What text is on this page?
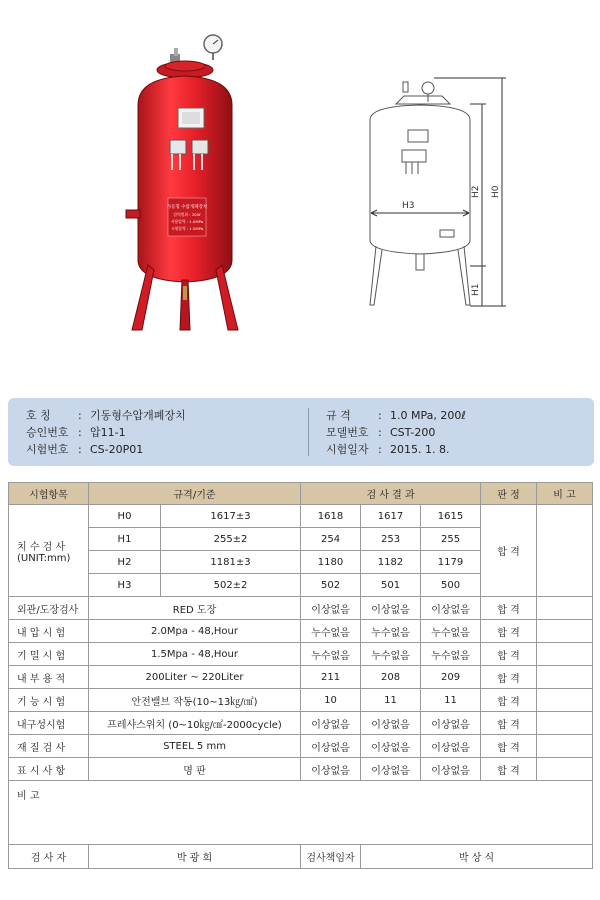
가동형 수압개폐장치
압력범위 : 200ℓ
사용압력 : 1.0MPa
시험압력 : 1.5MPa
H3
H2
H1
H0
호 칭 : 기동형수압개폐장치
승인번호 : 압11-1
시험번호 : CS-20P01
규 격 : 1.0 MPa, 200ℓ
모델번호 : CST-200
시험일자 : 2015. 1. 8.
시험항목	규격/기준		검 사 결 과			판 정	비 고

치 수 검 사
(UNIT:mm)	H0	1617±3	1618	1617	1615	합 격	
	H1	255±2	254	253	255		
	H2	1181±3	1180	1182	1179		
	H3	502±2	502	501	500		
외관/도장검사	RED 도장		이상없음	이상없음	이상없음	합 격	
내 압 시 험	2.0Mpa - 48,Hour		누수없음	누수없음	누수없음	합 격	
기 밀 시 험	1.5Mpa - 48,Hour		누수없음	누수없음	누수없음	합 격	
내 부 용 적	200Liter ~ 220Liter		211	208	209	합 격	
기 능 시 험	안전밸브 작동(10~13㎏/㎠)		10	11	11	합 격	
내구성시험	프레샤스위치 (0~10㎏/㎠-2000cycle)		이상없음	이상없음	이상없음	합 격	
재 질 검 사	STEEL 5 mm		이상없음	이상없음	이상없음	합 격	
표 시 사 항	명 판		이상없음	이상없음	이상없음	합 격	
비 고							
검 사 자	박 광 희		검사책임자	박 상 식			
